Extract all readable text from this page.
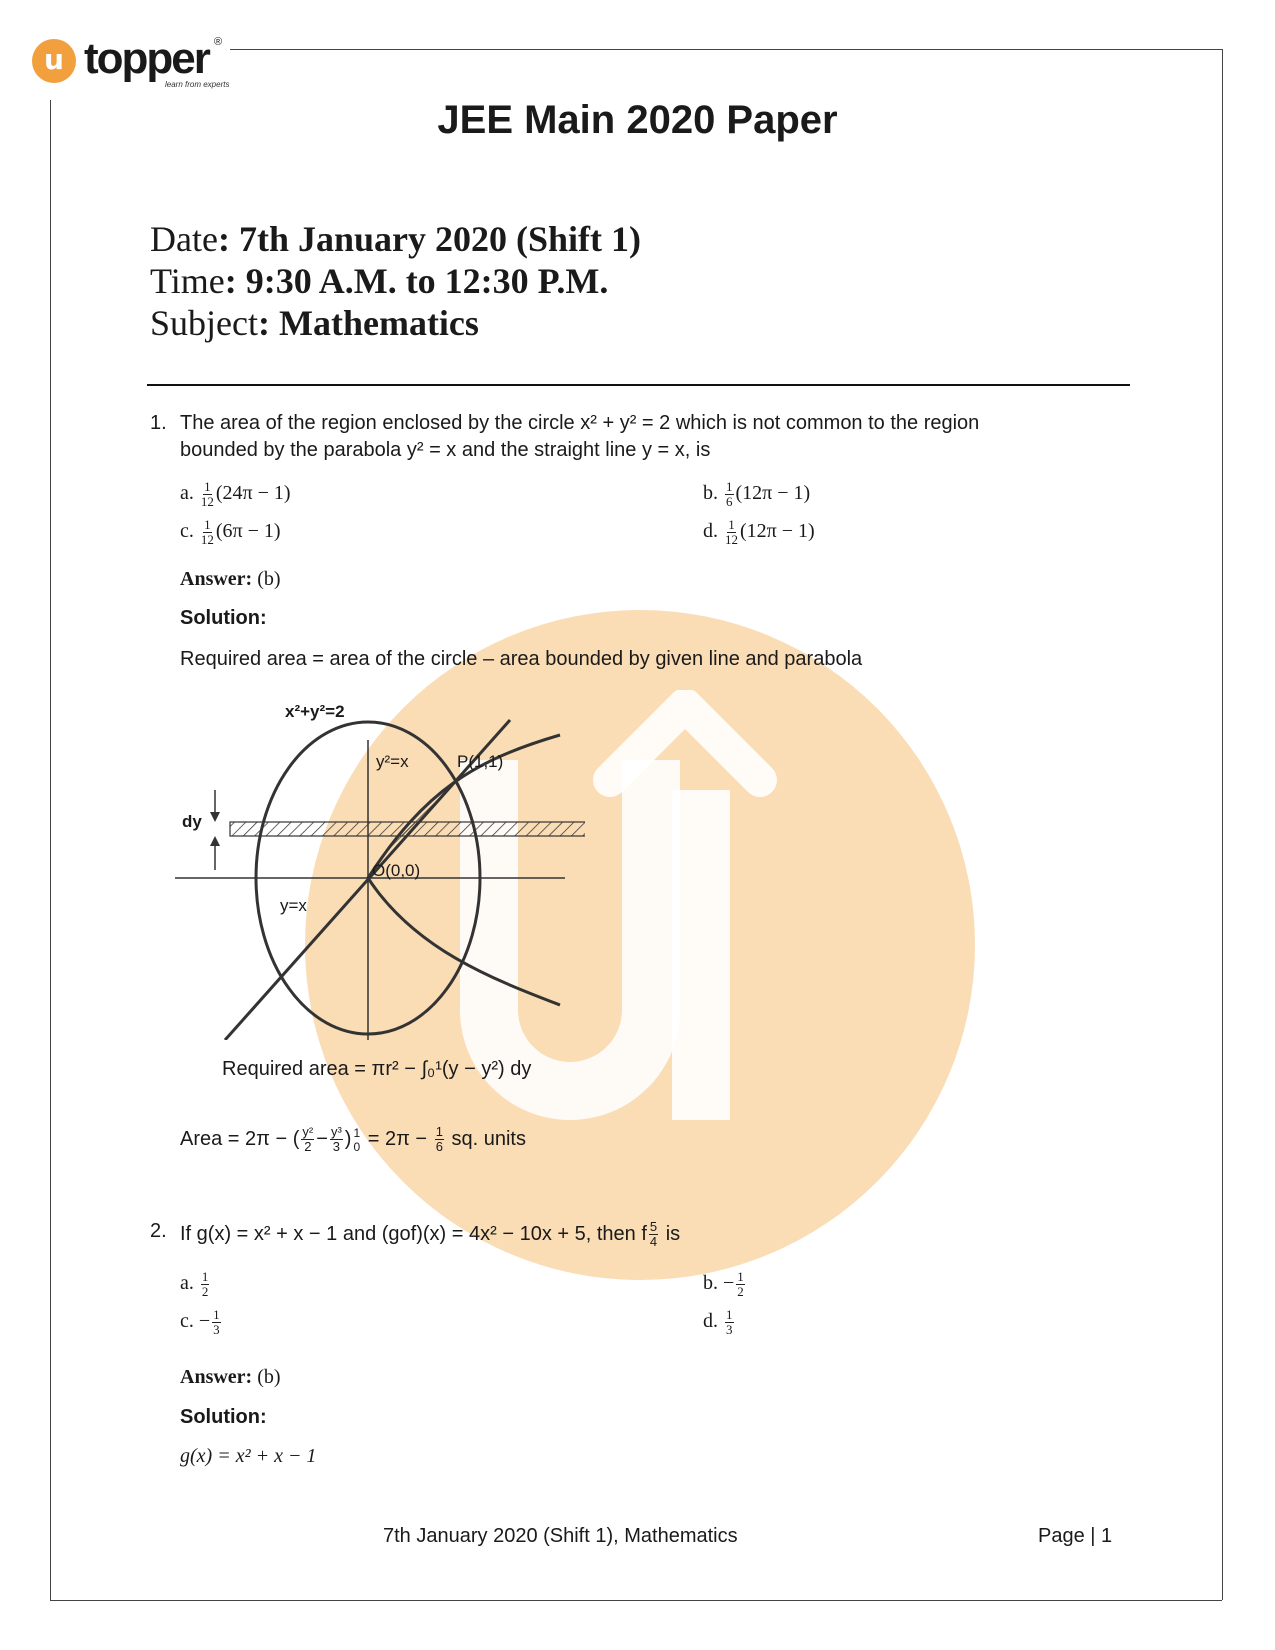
u topper ®
learn from experts
JEE Main 2020 Paper
Date: 7th January 2020 (Shift 1)
Time: 9:30 A.M. to 12:30 P.M.
Subject: Mathematics
1. The area of the region enclosed by the circle x² + y² = 2 which is not common to the region
bounded by the parabola y² = x and the straight line y = x, is
a. $\frac{1}{12} (24\pi - 1)$	b. $\frac{1}{6} (12\pi - 1)$
c. $\frac{1}{12} (6\pi - 1)$	d. $\frac{1}{12} (12\pi - 1)$
Answer: (b)
Solution:
Required area = area of the circle – area bounded by given line and parabola
x²+y²=2
y²=x	P(1,1)
dy
O(0,0)
y=x
Required area = πr² − ∫₀¹(y − y²) dy
Area = 2π − ( $\frac{\text{y²}}{2} - \frac{\text{y³}}{3}$ ) 1
$0 = 2\pi - \frac{1}{6}$ sq. units
2. If g(x) = x² + x − 1 and (gof)(x) = 4x² − 10x + 5, then f $\frac{5}{4}$ is
a. $\frac{1}{2}$	b. − $\frac{1}{2}$
c. − $\frac{1}{3}$	d. $\frac{1}{3}$
Answer: (b)
Solution:
g(x) = x² + x − 1
7th January 2020 (Shift 1), Mathematics	Page | 1
